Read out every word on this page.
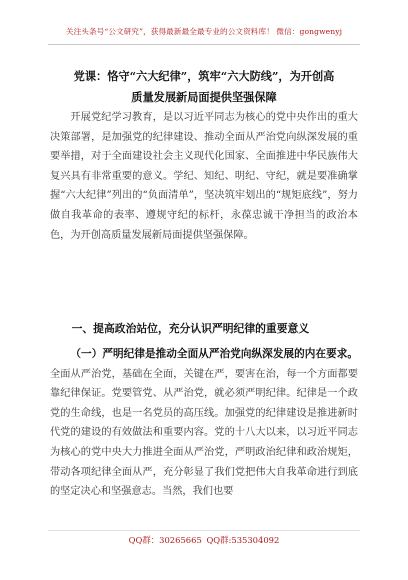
关注头条号“公文研究”，获得最新最全最专业的公文资料库！ 微信：gongwenyj
党课：恪守“六大纪律”，筑牢“六大防线”，为开创高
质量发展新局面提供坚强保障

开展党纪学习教育，是以习近平同志为核心的党中央作出的重大决策部署，是加强党的纪律建设、推动全面从严治党向纵深发展的重要举措，对于全面建设社会主义现代化国家、全面推进中华民族伟大复兴具有非常重要的意义。学纪、知纪、明纪、守纪，就是要准确掌握“六大纪律”列出的“负面清单”，坚决筑牢划出的“规矩底线”，努力做自我革命的表率、遵规守纪的标杆，永葆忠诚干净担当的政治本色，为开创高质量发展新局面提供坚强保障。

一、提高政治站位，充分认识严明纪律的重要意义

（一）严明纪律是推动全面从严治党向纵深发展的内在要求。全面从严治党，基础在全面，关键在严，要害在治，每一个方面都要靠纪律保证。党要管党、从严治党，就必须严明纪律。纪律是一个政党的生命线，也是一名党员的高压线。加强党的纪律建设是推进新时代党的建设的有效做法和重要内容。党的十八大以来，以习近平同志为核心的党中央大力推进全面从严治党，严明政治纪律和政治规矩，带动各项纪律全面从严，充分彰显了我们党把伟大自我革命进行到底的坚定决心和坚强意志。当然，我们也要

QQ群：30265665 QQ群:535304092
